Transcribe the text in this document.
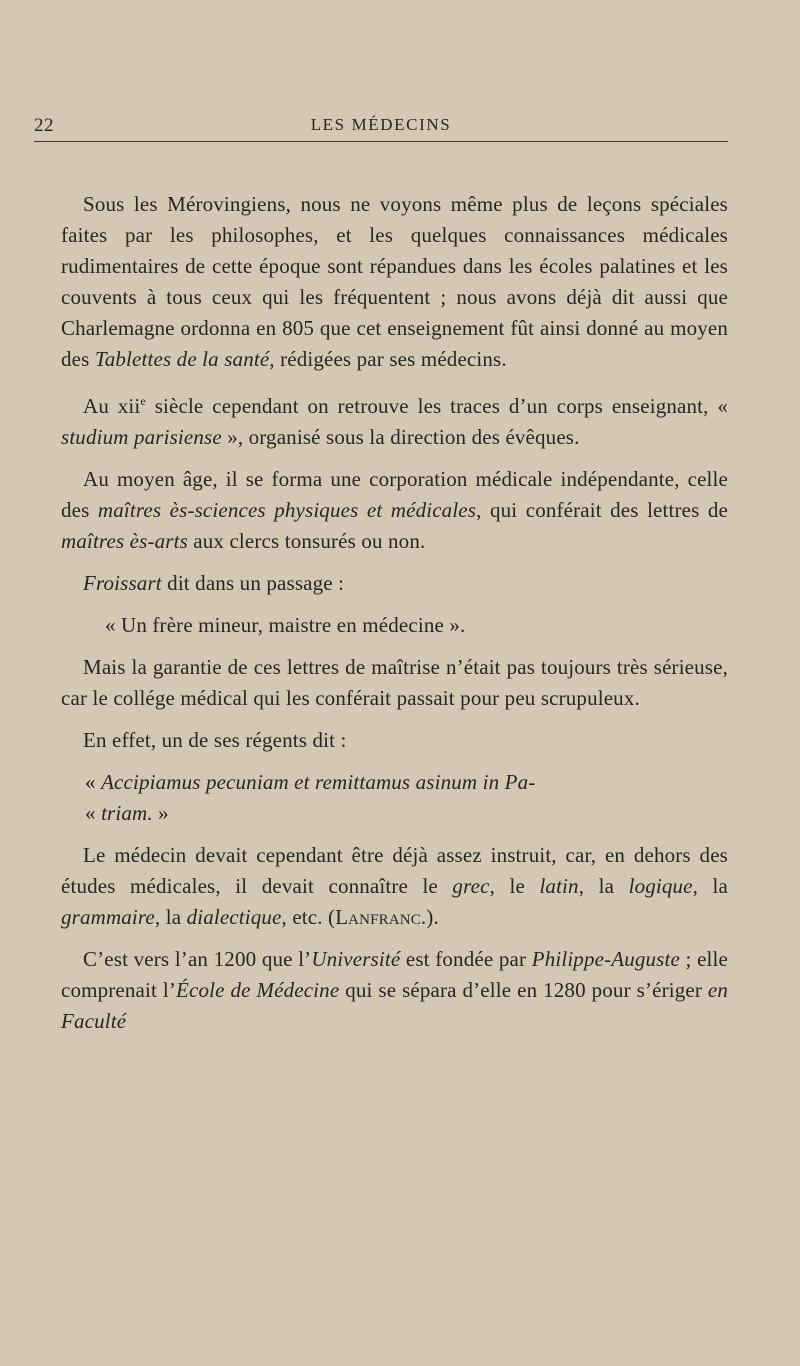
22	LES MÉDECINS

Sous les Mérovingiens, nous ne voyons même plus de leçons spéciales faites par les philosophes, et les quelques connaissances médicales rudimentaires de cette époque sont répandues dans les écoles palatines et les couvents à tous ceux qui les fréquentent ; nous avons déjà dit aussi que Charlemagne ordonna en 805 que cet enseignement fût ainsi donné au moyen des Tablettes de la santé, rédigées par ses médecins.

Au xii$^e$ siècle cependant on retrouve les traces d’un corps enseignant, « studium parisiense », organisé sous la direction des évêques.

Au moyen âge, il se forma une corporation médicale indépendante, celle des maîtres ès-sciences physiques et médicales, qui conférait des lettres de maîtres ès-arts aux clercs tonsurés ou non.

Froissart dit dans un passage :

« Un frère mineur, maistre en médecine ».

Mais la garantie de ces lettres de maîtrise n’était pas toujours très sérieuse, car le collége médical qui les conférait passait pour peu scrupuleux.

En effet, un de ses régents dit :

« Accipiamus pecuniam et remittamus asinum in Pa-

« triam. »

Le médecin devait cependant être déjà assez instruit, car, en dehors des études médicales, il devait connaître le grec, le latin, la logique, la grammaire, la dialectique, etc. (Lanfranc.).

C’est vers l’an 1200 que l’Université est fondée par Philippe-Auguste ; elle comprenait l’École de Médecine qui se sépara d’elle en 1280 pour s’ériger en Faculté
